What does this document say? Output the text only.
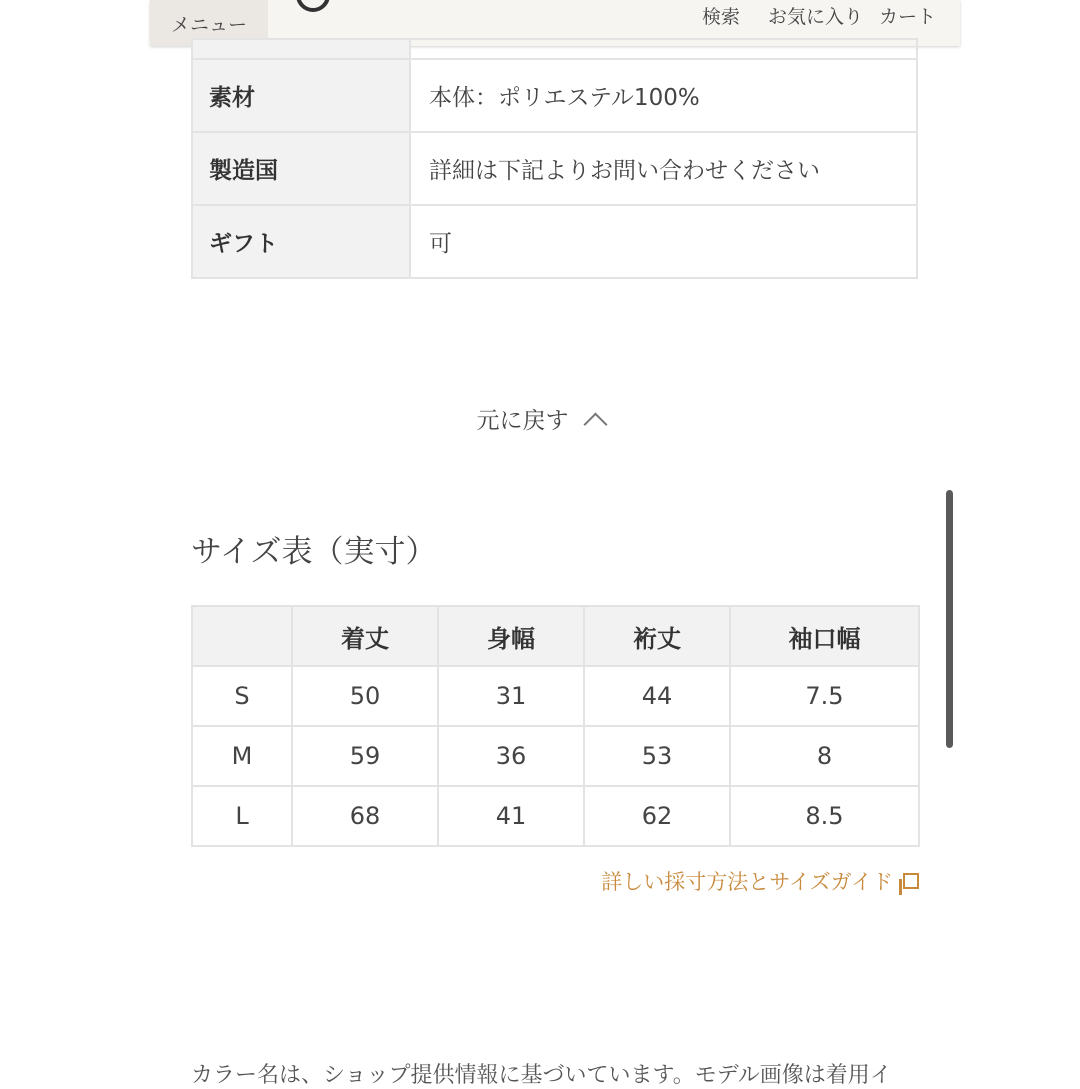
メニュー	検索 お気に入り カート

素材	本体：ポリエステル100%
製造国	詳細は下記よりお問い合わせください
ギフト	可
元に戻す
サイズ表（実寸）
	着丈	身幅	裄丈	袖口幅
S	50	31	44	7.5
M	59	36	53	8
L	68	41	62	8.5
詳しい採寸方法とサイズガイド
カラー名は、ショップ提供情報に基づいています。モデル画像は着用イ
